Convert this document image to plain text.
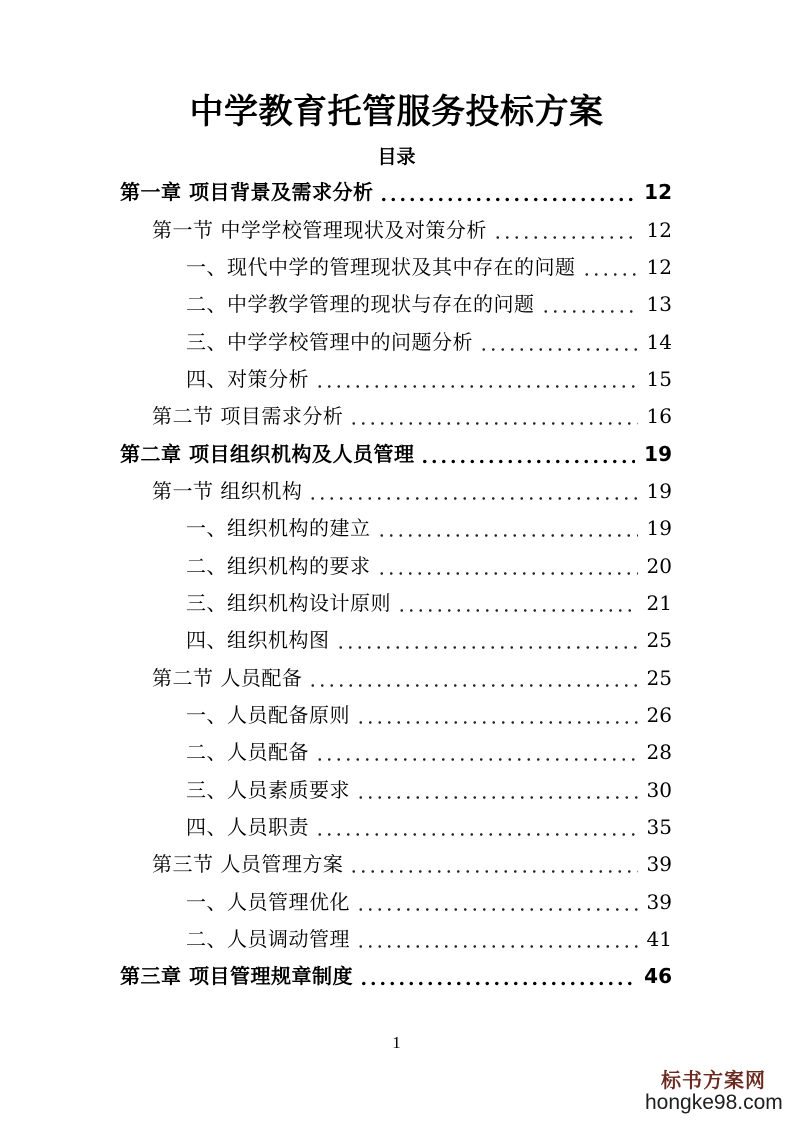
中学教育托管服务投标方案
目录
第一章 项目背景及需求分析	12
第一节 中学学校管理现状及对策分析	12
一、现代中学的管理现状及其中存在的问题	12
二、中学教学管理的现状与存在的问题	13
三、中学学校管理中的问题分析	14
四、对策分析	15
第二节 项目需求分析	16
第二章 项目组织机构及人员管理	19
第一节 组织机构	19
一、组织机构的建立	19
二、组织机构的要求	20
三、组织机构设计原则	21
四、组织机构图	25
第二节 人员配备	25
一、人员配备原则	26
二、人员配备	28
三、人员素质要求	30
四、人员职责	35
第三节 人员管理方案	39
一、人员管理优化	39
二、人员调动管理	41
第三章 项目管理规章制度	46
1
标书方案网
hongke98.com
